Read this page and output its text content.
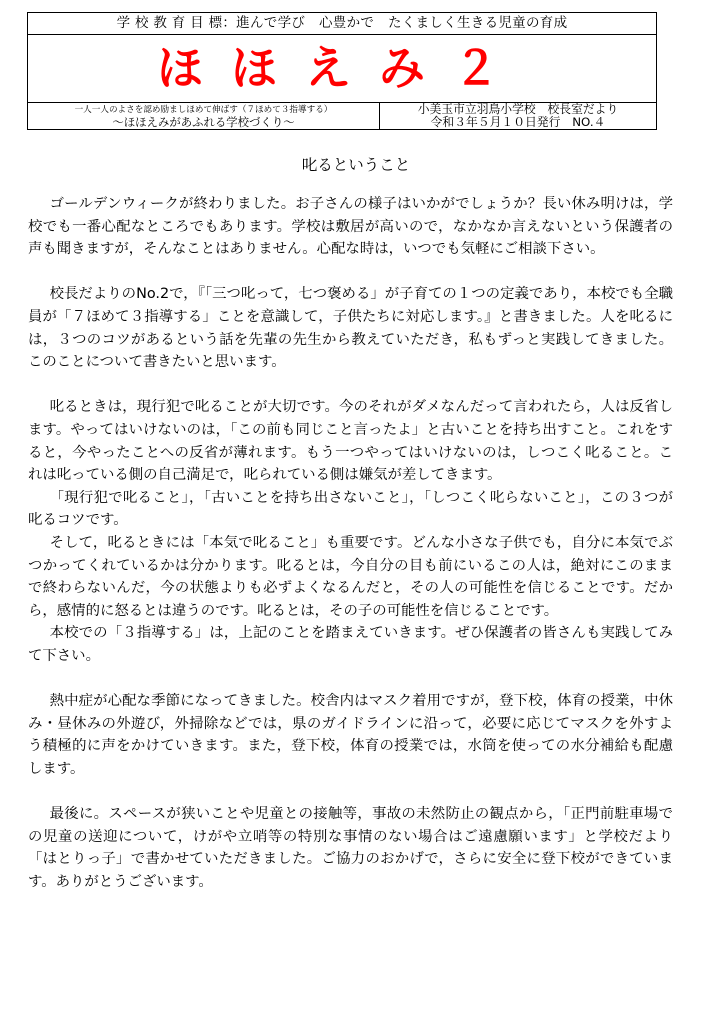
学 校 教 育 目 標：進んで学び　心豊かで　たくましく生きる児童の育成
ほほえみ２
一人一人のよさを認め励ましほめて伸ばす（７ほめて３指導する）
～ほほえみがあふれる学校づくり～
小美玉市立羽鳥小学校　校長室だより
令和３年５月１０日発行　NO.４
叱るということ

ゴールデンウィークが終わりました。お子さんの様子はいかがでしょうか？長い休み明けは，学校でも一番心配なところでもあります。学校は敷居が高いので，なかなか言えないという保護者の声も聞きますが，そんなことはありません。心配な時は，いつでも気軽にご相談下さい。

校長だよりのNo.2で，『「三つ叱って，七つ褒める」が子育ての１つの定義であり，本校でも全職員が「７ほめて３指導する」ことを意識して，子供たちに対応します。』と書きました。人を叱るには，３つのコツがあるという話を先輩の先生から教えていただき，私もずっと実践してきました。このことについて書きたいと思います。

叱るときは，現行犯で叱ることが大切です。今のそれがダメなんだって言われたら，人は反省します。やってはいけないのは，「この前も同じこと言ったよ」と古いことを持ち出すこと。これをすると，今やったことへの反省が薄れます。もう一つやってはいけないのは，しつこく叱ること。これは叱っている側の自己満足で，叱られている側は嫌気が差してきます。

「現行犯で叱ること」，「古いことを持ち出さないこと」，「しつこく叱らないこと」，この３つが叱るコツです。

そして，叱るときには「本気で叱ること」も重要です。どんな小さな子供でも，自分に本気でぶつかってくれているかは分かります。叱るとは，今自分の目も前にいるこの人は，絶対にこのままで終わらないんだ，今の状態よりも必ずよくなるんだと，その人の可能性を信じることです。だから，感情的に怒るとは違うのです。叱るとは，その子の可能性を信じることです。

本校での「３指導する」は，上記のことを踏まえていきます。ぜひ保護者の皆さんも実践してみて下さい。

熱中症が心配な季節になってきました。校舎内はマスク着用ですが，登下校，体育の授業，中休み・昼休みの外遊び，外掃除などでは，県のガイドラインに沿って，必要に応じてマスクを外すよう積極的に声をかけていきます。また，登下校，体育の授業では，水筒を使っての水分補給も配慮します。

最後に。スペースが狭いことや児童との接触等，事故の未然防止の観点から，「正門前駐車場での児童の送迎について，けがや立哨等の特別な事情のない場合はご遠慮願います」と学校だより「はとりっ子」で書かせていただきました。ご協力のおかげで，さらに安全に登下校ができています。ありがとうございます。
